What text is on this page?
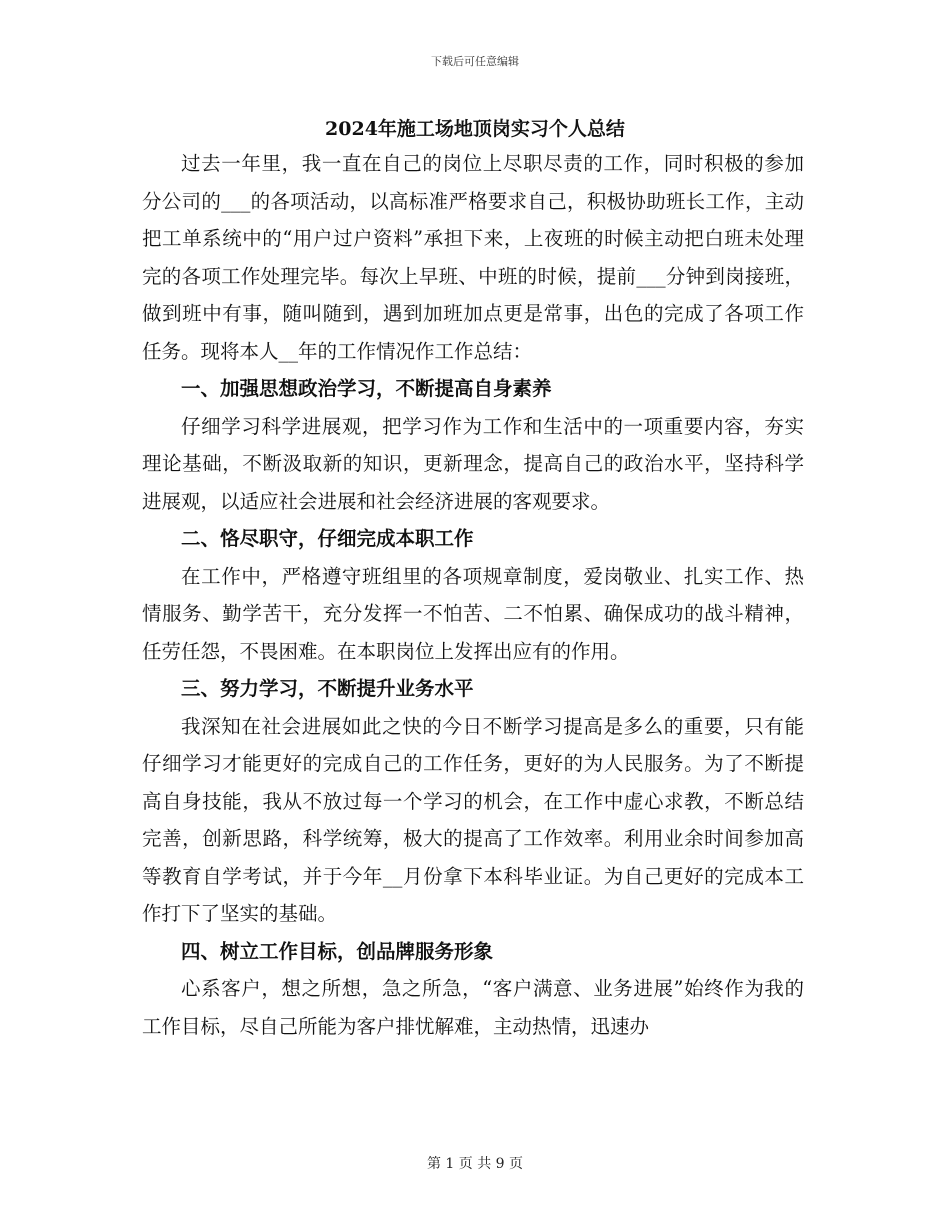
下载后可任意编辑
2024年施工场地顶岗实习个人总结

过去一年里，我一直在自己的岗位上尽职尽责的工作，同时积极的参加分公司的___的各项活动，以高标准严格要求自己，积极协助班长工作，主动把工单系统中的“用户过户资料”承担下来，上夜班的时候主动把白班未处理完的各项工作处理完毕。每次上早班、中班的时候，提前___分钟到岗接班，做到班中有事，随叫随到，遇到加班加点更是常事，出色的完成了各项工作任务。现将本人__年的工作情况作工作总结：

一、加强思想政治学习，不断提高自身素养

仔细学习科学进展观，把学习作为工作和生活中的一项重要内容，夯实理论基础，不断汲取新的知识，更新理念，提高自己的政治水平，坚持科学进展观，以适应社会进展和社会经济进展的客观要求。

二、恪尽职守，仔细完成本职工作

在工作中，严格遵守班组里的各项规章制度，爱岗敬业、扎实工作、热情服务、勤学苦干，充分发挥一不怕苦、二不怕累、确保成功的战斗精神，任劳任怨，不畏困难。在本职岗位上发挥出应有的作用。

三、努力学习，不断提升业务水平

我深知在社会进展如此之快的今日不断学习提高是多么的重要，只有能仔细学习才能更好的完成自己的工作任务，更好的为人民服务。为了不断提高自身技能，我从不放过每一个学习的机会，在工作中虚心求教，不断总结完善，创新思路，科学统筹，极大的提高了工作效率。利用业余时间参加高等教育自学考试，并于今年__月份拿下本科毕业证。为自己更好的完成本工作打下了坚实的基础。

四、树立工作目标，创品牌服务形象

心系客户，想之所想，急之所急，“客户满意、业务进展”始终作为我的工作目标，尽自己所能为客户排忧解难，主动热情，迅速办

第 1 页 共 9 页
